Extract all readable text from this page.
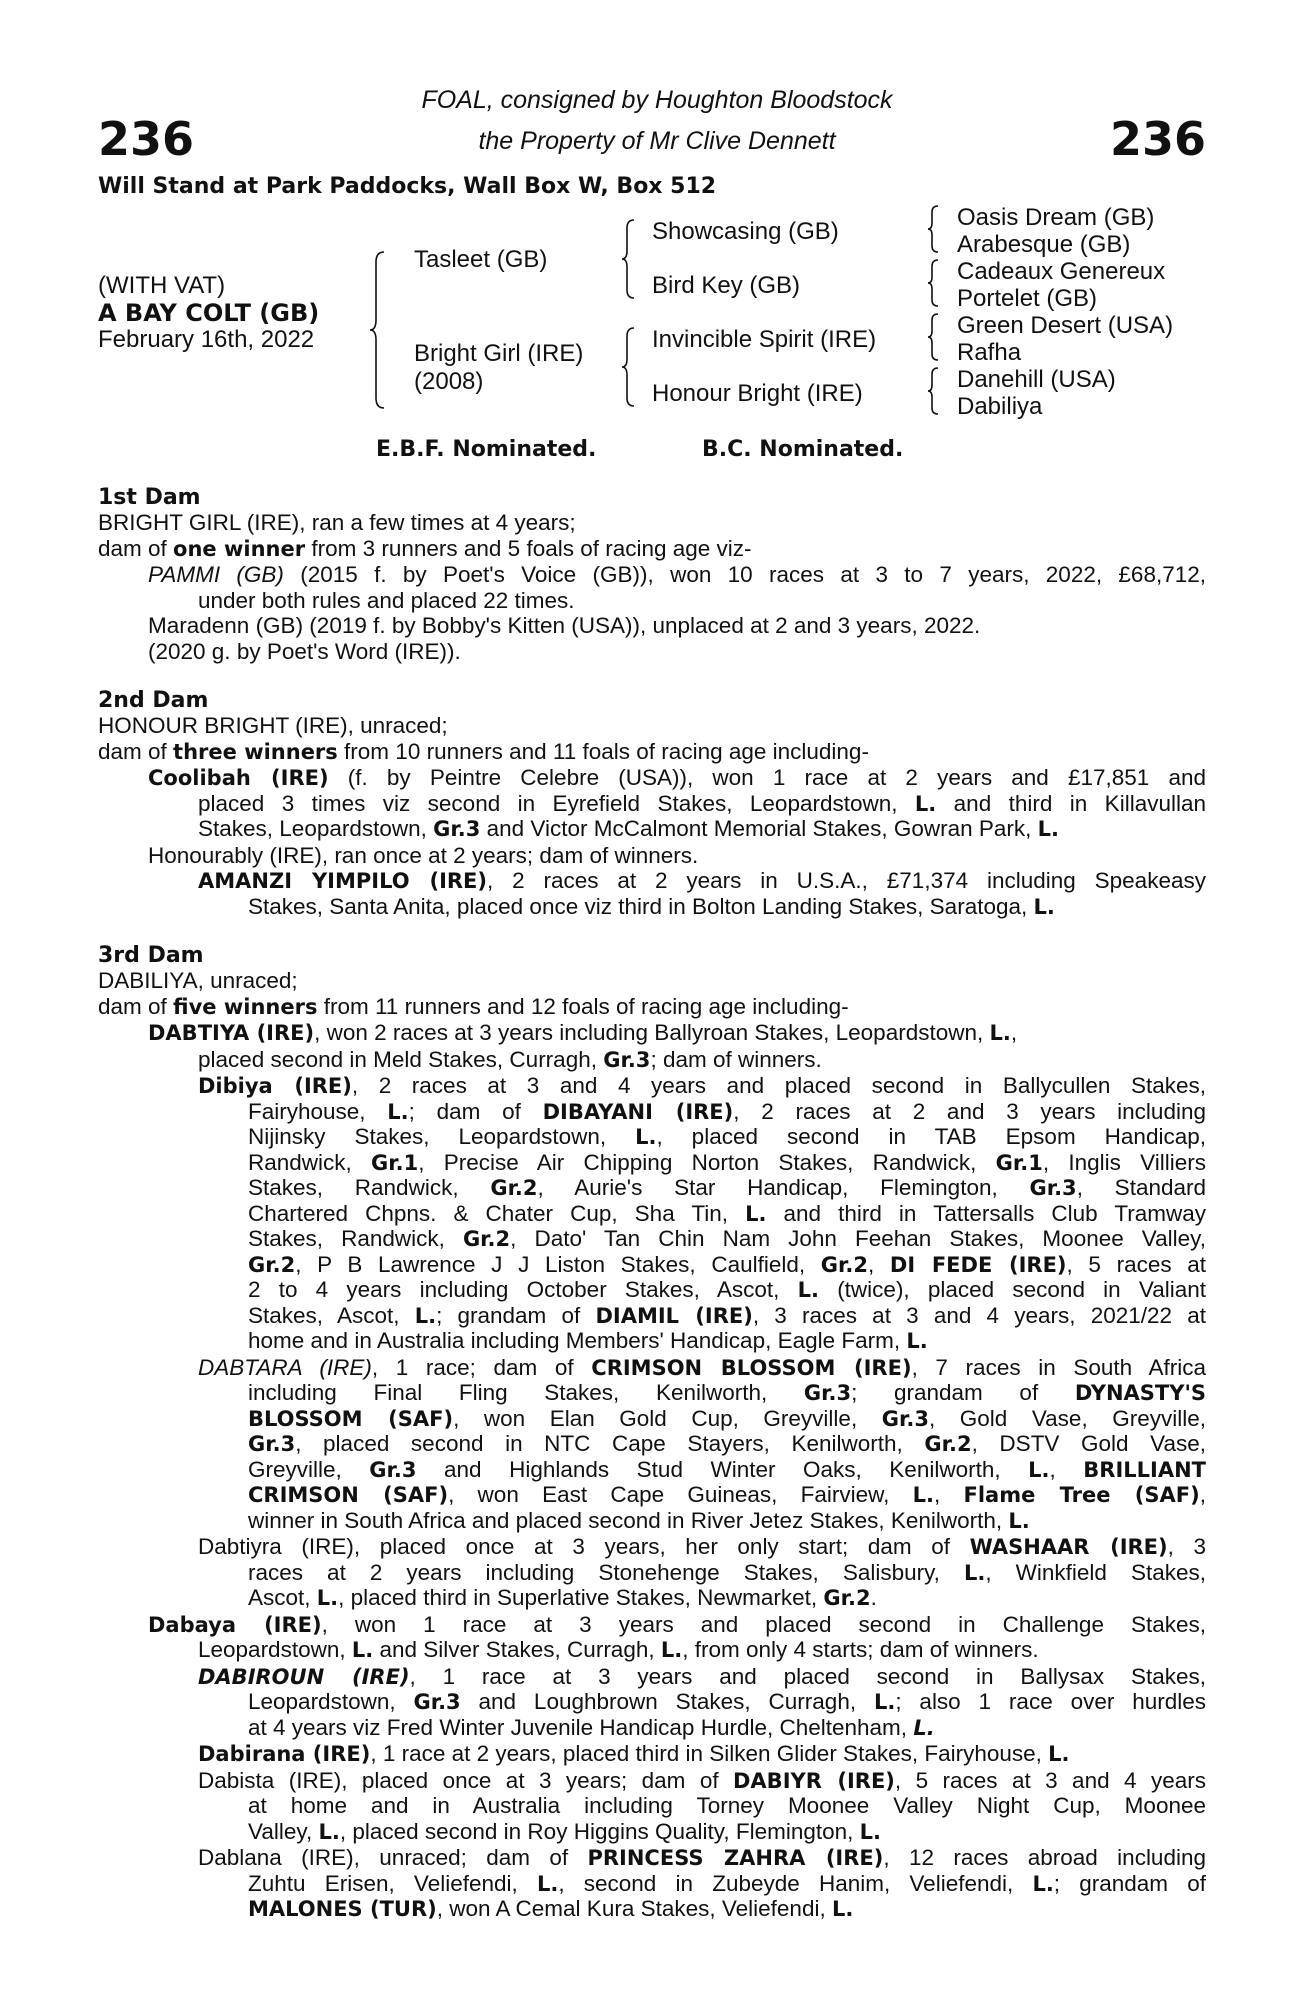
236	236
FOAL, consigned by Houghton Bloodstock
the Property of Mr Clive Dennett
Will Stand at Park Paddocks, Wall Box W, Box 512
(WITH VAT)
A BAY COLT (GB)
February 16th, 2022
Tasleet (GB)
Bright Girl (IRE)
(2008)
Showcasing (GB)
Bird Key (GB)
Invincible Spirit (IRE)
Honour Bright (IRE)
Oasis Dream (GB)
Arabesque (GB)
Cadeaux Genereux
Portelet (GB)
Green Desert (USA)
Rafha
Danehill (USA)
Dabiliya
E.B.F. Nominated.	B.C. Nominated.
1st Dam
BRIGHT GIRL (IRE), ran a few times at 4 years;
dam of one winner from 3 runners and 5 foals of racing age viz-
PAMMI (GB) (2015 f. by Poet's Voice (GB)), won 10 races at 3 to 7 years, 2022, £68,712,
under both rules and placed 22 times.
Maradenn (GB) (2019 f. by Bobby's Kitten (USA)), unplaced at 2 and 3 years, 2022.
(2020 g. by Poet's Word (IRE)).
2nd Dam
HONOUR BRIGHT (IRE), unraced;
dam of three winners from 10 runners and 11 foals of racing age including-
Coolibah (IRE) (f. by Peintre Celebre (USA)), won 1 race at 2 years and £17,851 and
placed 3 times viz second in Eyrefield Stakes, Leopardstown, L. and third in Killavullan
Stakes, Leopardstown, Gr.3 and Victor McCalmont Memorial Stakes, Gowran Park, L.
Honourably (IRE), ran once at 2 years; dam of winners.
AMANZI YIMPILO (IRE), 2 races at 2 years in U.S.A., £71,374 including Speakeasy
Stakes, Santa Anita, placed once viz third in Bolton Landing Stakes, Saratoga, L.
3rd Dam
DABILIYA, unraced;
dam of five winners from 11 runners and 12 foals of racing age including-
DABTIYA (IRE), won 2 races at 3 years including Ballyroan Stakes, Leopardstown, L.,
placed second in Meld Stakes, Curragh, Gr.3; dam of winners.
Dibiya (IRE), 2 races at 3 and 4 years and placed second in Ballycullen Stakes,
Fairyhouse, L.; dam of DIBAYANI (IRE), 2 races at 2 and 3 years including
Nijinsky Stakes, Leopardstown, L., placed second in TAB Epsom Handicap,
Randwick, Gr.1, Precise Air Chipping Norton Stakes, Randwick, Gr.1, Inglis Villiers
Stakes, Randwick, Gr.2, Aurie's Star Handicap, Flemington, Gr.3, Standard
Chartered Chpns. & Chater Cup, Sha Tin, L. and third in Tattersalls Club Tramway
Stakes, Randwick, Gr.2, Dato' Tan Chin Nam John Feehan Stakes, Moonee Valley,
Gr.2, P B Lawrence J J Liston Stakes, Caulfield, Gr.2, DI FEDE (IRE), 5 races at
2 to 4 years including October Stakes, Ascot, L. (twice), placed second in Valiant
Stakes, Ascot, L.; grandam of DIAMIL (IRE), 3 races at 3 and 4 years, 2021/22 at
home and in Australia including Members' Handicap, Eagle Farm, L.
DABTARA (IRE), 1 race; dam of CRIMSON BLOSSOM (IRE), 7 races in South Africa
including Final Fling Stakes, Kenilworth, Gr.3; grandam of DYNASTY'S
BLOSSOM (SAF), won Elan Gold Cup, Greyville, Gr.3, Gold Vase, Greyville,
Gr.3, placed second in NTC Cape Stayers, Kenilworth, Gr.2, DSTV Gold Vase,
Greyville, Gr.3 and Highlands Stud Winter Oaks, Kenilworth, L., BRILLIANT
CRIMSON (SAF), won East Cape Guineas, Fairview, L., Flame Tree (SAF),
winner in South Africa and placed second in River Jetez Stakes, Kenilworth, L.
Dabtiyra (IRE), placed once at 3 years, her only start; dam of WASHAAR (IRE), 3
races at 2 years including Stonehenge Stakes, Salisbury, L., Winkfield Stakes,
Ascot, L., placed third in Superlative Stakes, Newmarket, Gr.2.
Dabaya (IRE), won 1 race at 3 years and placed second in Challenge Stakes,
Leopardstown, L. and Silver Stakes, Curragh, L., from only 4 starts; dam of winners.
DABIROUN (IRE), 1 race at 3 years and placed second in Ballysax Stakes,
Leopardstown, Gr.3 and Loughbrown Stakes, Curragh, L.; also 1 race over hurdles
at 4 years viz Fred Winter Juvenile Handicap Hurdle, Cheltenham, L.
Dabirana (IRE), 1 race at 2 years, placed third in Silken Glider Stakes, Fairyhouse, L.
Dabista (IRE), placed once at 3 years; dam of DABIYR (IRE), 5 races at 3 and 4 years
at home and in Australia including Torney Moonee Valley Night Cup, Moonee
Valley, L., placed second in Roy Higgins Quality, Flemington, L.
Dablana (IRE), unraced; dam of PRINCESS ZAHRA (IRE), 12 races abroad including
Zuhtu Erisen, Veliefendi, L., second in Zubeyde Hanim, Veliefendi, L.; grandam of
MALONES (TUR), won A Cemal Kura Stakes, Veliefendi, L.
